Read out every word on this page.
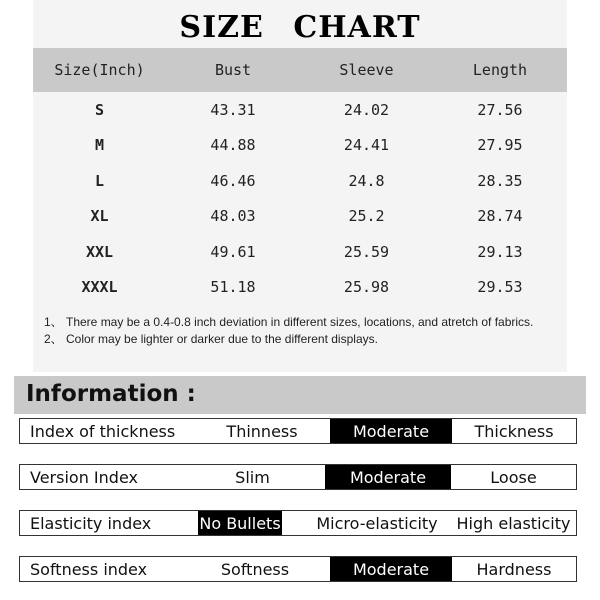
SIZE CHART
Size(Inch)	Bust	Sleeve	Length
S	43.31	24.02	27.56
M	44.88	24.41	27.95
L	46.46	24.8	28.35
XL	48.03	25.2	28.74
XXL	49.61	25.59	29.13
XXXL	51.18	25.98	29.53
1、 There may be a 0.4-0.8 inch deviation in different sizes, locations, and atretch of fabrics.
2、 Color may be lighter or darker due to the different displays.
Information :
Index of thickness	Thinness	Moderate	Thickness
Version Index	Slim	Moderate	Loose
Elasticity index	No Bullets	Micro-elasticity	High elasticity
Softness index	Softness	Moderate	Hardness
